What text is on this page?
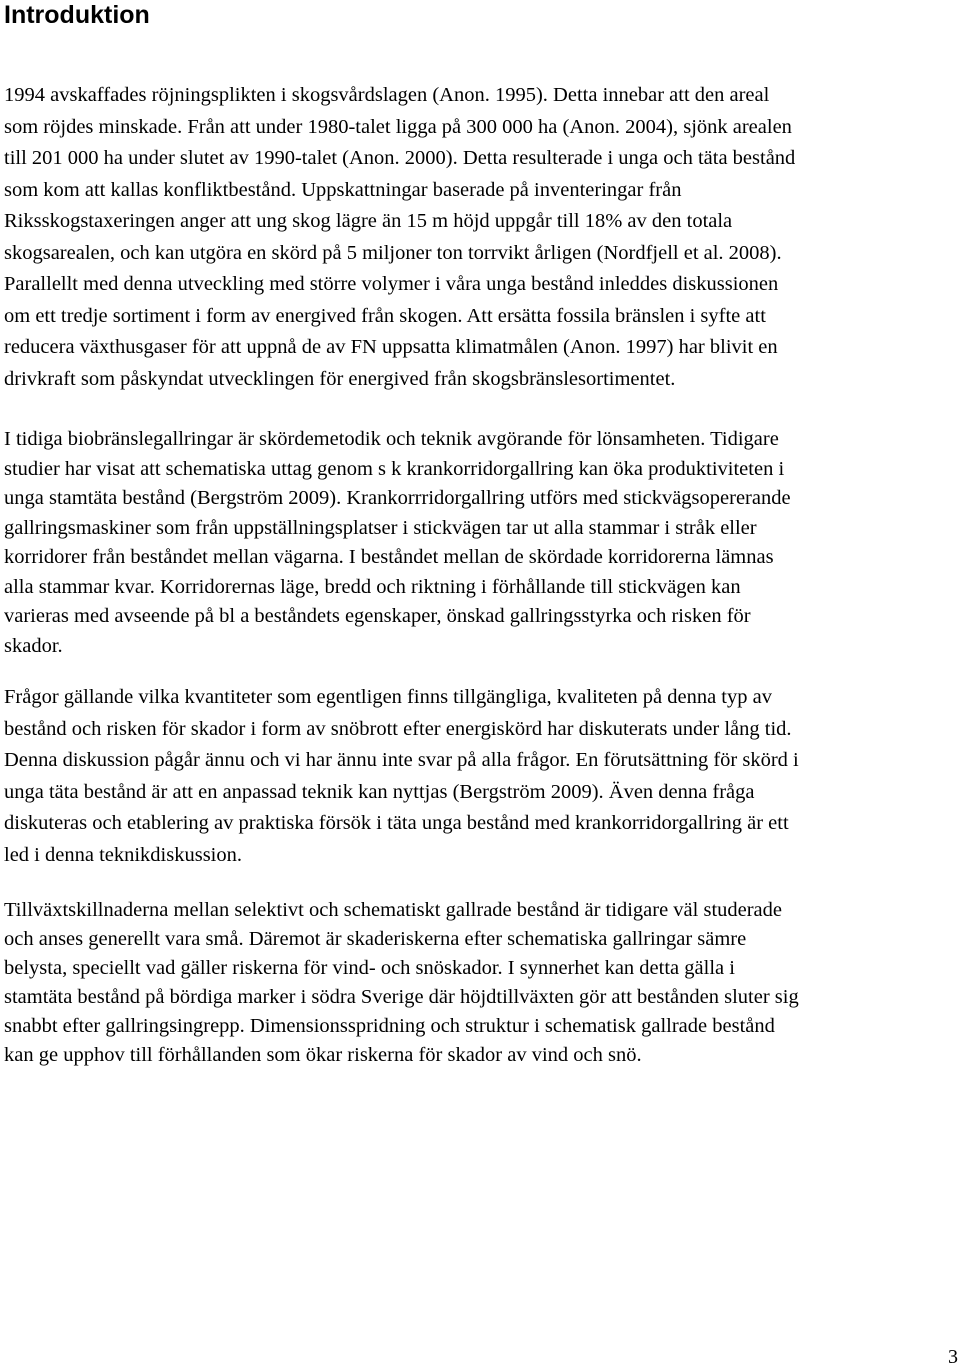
Introduktion
1994 avskaffades röjningsplikten i skogsvårdslagen (Anon. 1995). Detta innebar att den areal
som röjdes minskade. Från att under 1980-talet ligga på 300 000 ha (Anon. 2004), sjönk arealen
till 201 000 ha under slutet av 1990-talet (Anon. 2000). Detta resulterade i unga och täta bestånd
som kom att kallas konfliktbestånd. Uppskattningar baserade på inventeringar från
Riksskogstaxeringen anger att ung skog lägre än 15 m höjd uppgår till 18% av den totala
skogsarealen, och kan utgöra en skörd på 5 miljoner ton torrvikt årligen (Nordfjell et al. 2008).
Parallellt med denna utveckling med större volymer i våra unga bestånd inleddes diskussionen
om ett tredje sortiment i form av energived från skogen. Att ersätta fossila bränslen i syfte att
reducera växthusgaser för att uppnå de av FN uppsatta klimatmålen (Anon. 1997) har blivit en
drivkraft som påskyndat utvecklingen för energived från skogsbränslesortimentet.
I tidiga biobränslegallringar är skördemetodik och teknik avgörande för lönsamheten. Tidigare
studier har visat att schematiska uttag genom s k krankorridorgallring kan öka produktiviteten i
unga stamtäta bestånd (Bergström 2009). Krankorrridorgallring utförs med stickvägsopererande
gallringsmaskiner som från uppställningsplatser i stickvägen tar ut alla stammar i stråk eller
korridorer från beståndet mellan vägarna. I beståndet mellan de skördade korridorerna lämnas
alla stammar kvar. Korridorernas läge, bredd och riktning i förhållande till stickvägen kan
varieras med avseende på bl a beståndets egenskaper, önskad gallringsstyrka och risken för
skador.
Frågor gällande vilka kvantiteter som egentligen finns tillgängliga, kvaliteten på denna typ av
bestånd och risken för skador i form av snöbrott efter energiskörd har diskuterats under lång tid.
Denna diskussion pågår ännu och vi har ännu inte svar på alla frågor. En förutsättning för skörd i
unga täta bestånd är att en anpassad teknik kan nyttjas (Bergström 2009). Även denna fråga
diskuteras och etablering av praktiska försök i täta unga bestånd med krankorridorgallring är ett
led i denna teknikdiskussion.
Tillväxtskillnaderna mellan selektivt och schematiskt gallrade bestånd är tidigare väl studerade
och anses generellt vara små. Däremot är skaderiskerna efter schematiska gallringar sämre
belysta, speciellt vad gäller riskerna för vind- och snöskador. I synnerhet kan detta gälla i
stamtäta bestånd på bördiga marker i södra Sverige där höjdtillväxten gör att bestånden sluter sig
snabbt efter gallringsingrepp. Dimensionsspridning och struktur i schematisk gallrade bestånd
kan ge upphov till förhållanden som ökar riskerna för skador av vind och snö.
3
